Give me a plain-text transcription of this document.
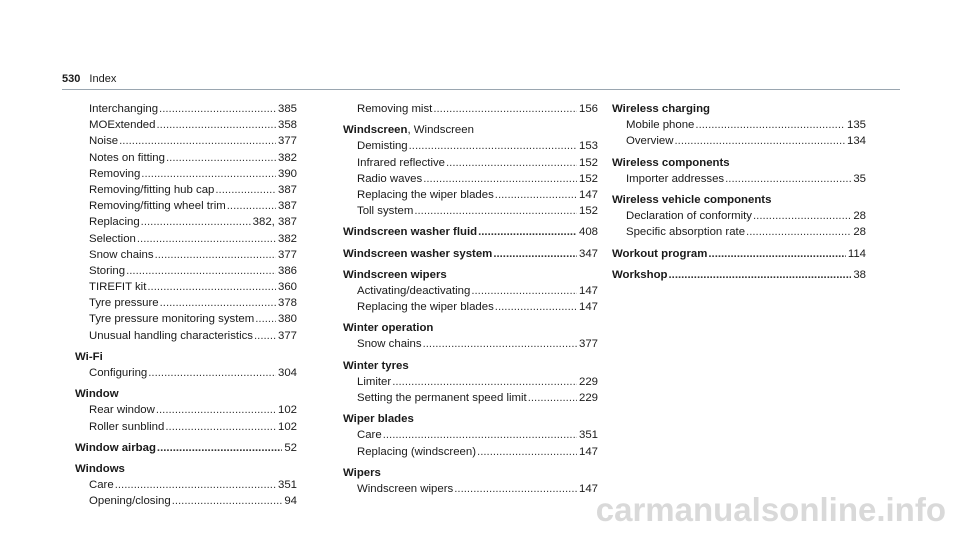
530 Index
Interchanging .....	385
MOExtended .....	358
Noise .....	377
Notes on fitting .....	382
Removing .....	390
Removing/fitting hub cap .....	387
Removing/fitting wheel trim .....	387
Replacing .....	382, 387
Selection .....	382
Snow chains .....	377
Storing .....	386
TIREFIT kit .....	360
Tyre pressure .....	378
Tyre pressure monitoring system ..... 380
Unusual handling characteristics ..... 377
Wi-Fi
Configuring .....	304
Window
Rear window .....	102
Roller sunblind .....	102
Window airbag .....	52
Windows
Care .....	351
Opening/closing .....	94
Removing mist .....	156
Windscreen , Windscreen
Demisting .....	153
Infrared reflective .....	152
Radio waves .....	152
Replacing the wiper blades .....	147
Toll system .....	152
Windscreen washer fluid .....	408
Windscreen washer system .....	347
Windscreen wipers
Activating/deactivating .....	147
Replacing the wiper blades .....	147
Winter operation
Snow chains .....	377
Winter tyres
Limiter .....	229
Setting the permanent speed limit .....	229
Wiper blades
Care .....	351
Replacing (windscreen) .....	147
Wipers
Windscreen wipers .....	147
Wireless charging
Mobile phone .....	135
Overview .....	134
Wireless components
Importer addresses .....	35
Wireless vehicle components
Declaration of conformity .....	28
Specific absorption rate .....	28
Workout program .....	114
Workshop .....	38
carmanualsonline.info
